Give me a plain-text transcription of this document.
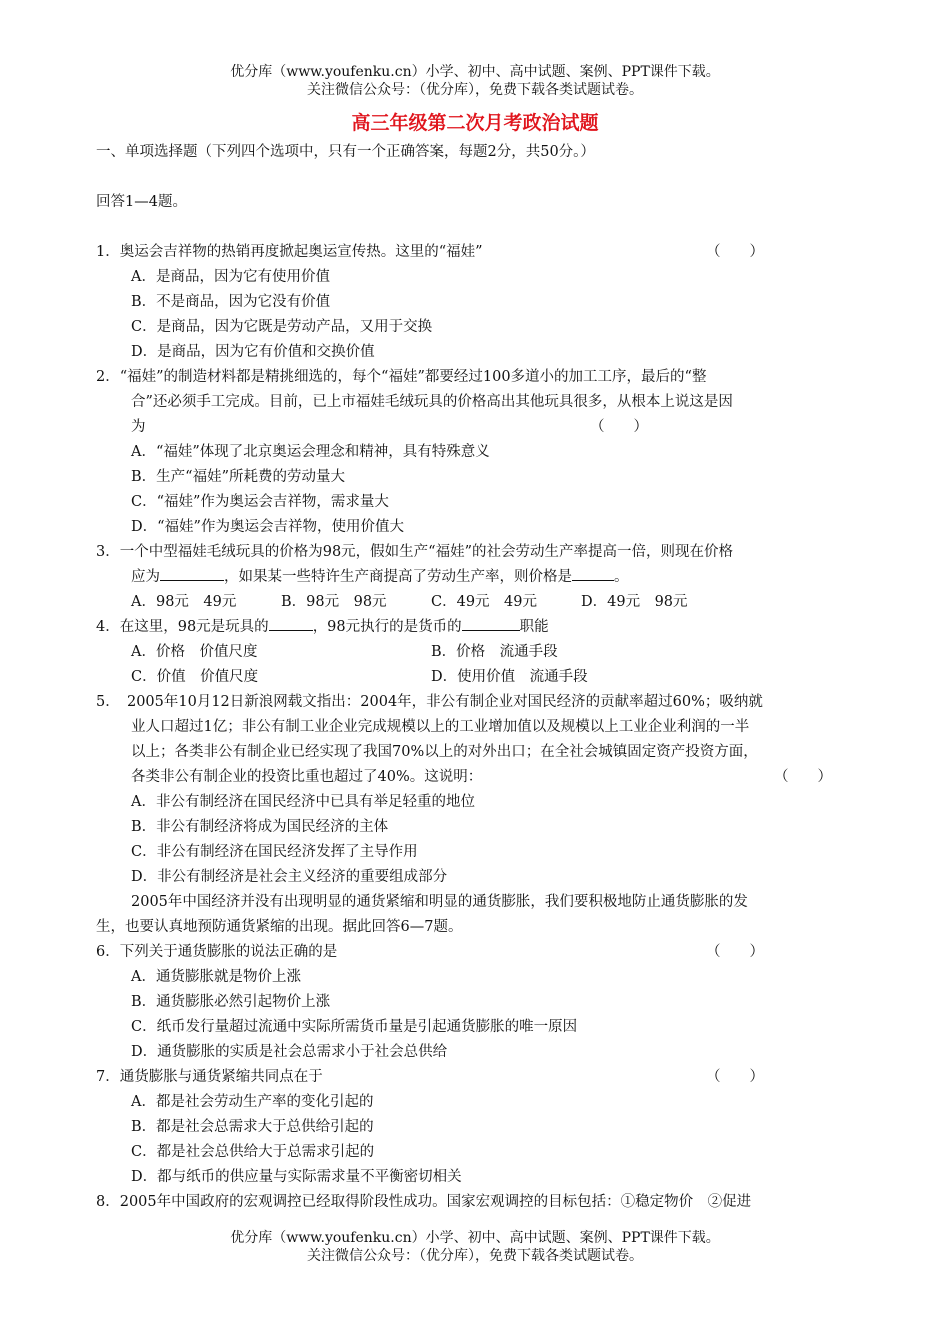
优分库（www.youfenku.cn）小学、初中、高中试题、案例、PPT课件下载。
关注微信公众号：（优分库），免费下载各类试题试卷。
高三年级第二次月考政治试题
一、单项选择题（下列四个选项中，只有一个正确答案，每题2分，共50分。）
回答1—4题。
1．奥运会吉祥物的热销再度掀起奥运宣传热。这里的“福娃”	（　　）
A．是商品，因为它有使用价值
B．不是商品，因为它没有价值
C．是商品，因为它既是劳动产品，又用于交换
D．是商品，因为它有价值和交换价值
2．“福娃”的制造材料都是精挑细选的，每个“福娃”都要经过100多道小的加工工序，最后的“整
合”还必须手工完成。目前，已上市福娃毛绒玩具的价格高出其他玩具很多，从根本上说这是因
为	（　　）
A．“福娃”体现了北京奥运会理念和精神，具有特殊意义
B．生产“福娃”所耗费的劳动量大
C．“福娃”作为奥运会吉祥物，需求量大
D．“福娃”作为奥运会吉祥物，使用价值大
3．一个中型福娃毛绒玩具的价格为98元，假如生产“福娃”的社会劳动生产率提高一倍，则现在价格
应为	，如果某一些特许生产商提高了劳动生产率，则价格是	。
A．98元　49元	B．98元　98元	C．49元　49元	D．49元　98元
4．在这里，98元是玩具的	，98元执行的是货币的	职能
A．价格　价值尺度	B．价格　流通手段
C．价值　价值尺度	D．使用价值　流通手段
5．　2005年10月12日新浪网载文指出：2004年，非公有制企业对国民经济的贡献率超过60%；吸纳就
业人口超过1亿；非公有制工业企业完成规模以上的工业增加值以及规模以上工业企业利润的一半
以上；各类非公有制企业已经实现了我国70%以上的对外出口；在全社会城镇固定资产投资方面，
各类非公有制企业的投资比重也超过了40%。这说明：	（　　）
A．非公有制经济在国民经济中已具有举足轻重的地位
B．非公有制经济将成为国民经济的主体
C．非公有制经济在国民经济发挥了主导作用
D．非公有制经济是社会主义经济的重要组成部分
2005年中国经济并没有出现明显的通货紧缩和明显的通货膨胀，我们要积极地防止通货膨胀的发
生，也要认真地预防通货紧缩的出现。据此回答6—7题。
6．下列关于通货膨胀的说法正确的是	（　　）
A．通货膨胀就是物价上涨
B．通货膨胀必然引起物价上涨
C．纸币发行量超过流通中实际所需货币量是引起通货膨胀的唯一原因
D．通货膨胀的实质是社会总需求小于社会总供给
7．通货膨胀与通货紧缩共同点在于	（　　）
A．都是社会劳动生产率的变化引起的
B．都是社会总需求大于总供给引起的
C．都是社会总供给大于总需求引起的
D．都与纸币的供应量与实际需求量不平衡密切相关
8．2005年中国政府的宏观调控已经取得阶段性成功。国家宏观调控的目标包括：①稳定物价　②促进
优分库（www.youfenku.cn）小学、初中、高中试题、案例、PPT课件下载。
关注微信公众号：（优分库），免费下载各类试题试卷。
